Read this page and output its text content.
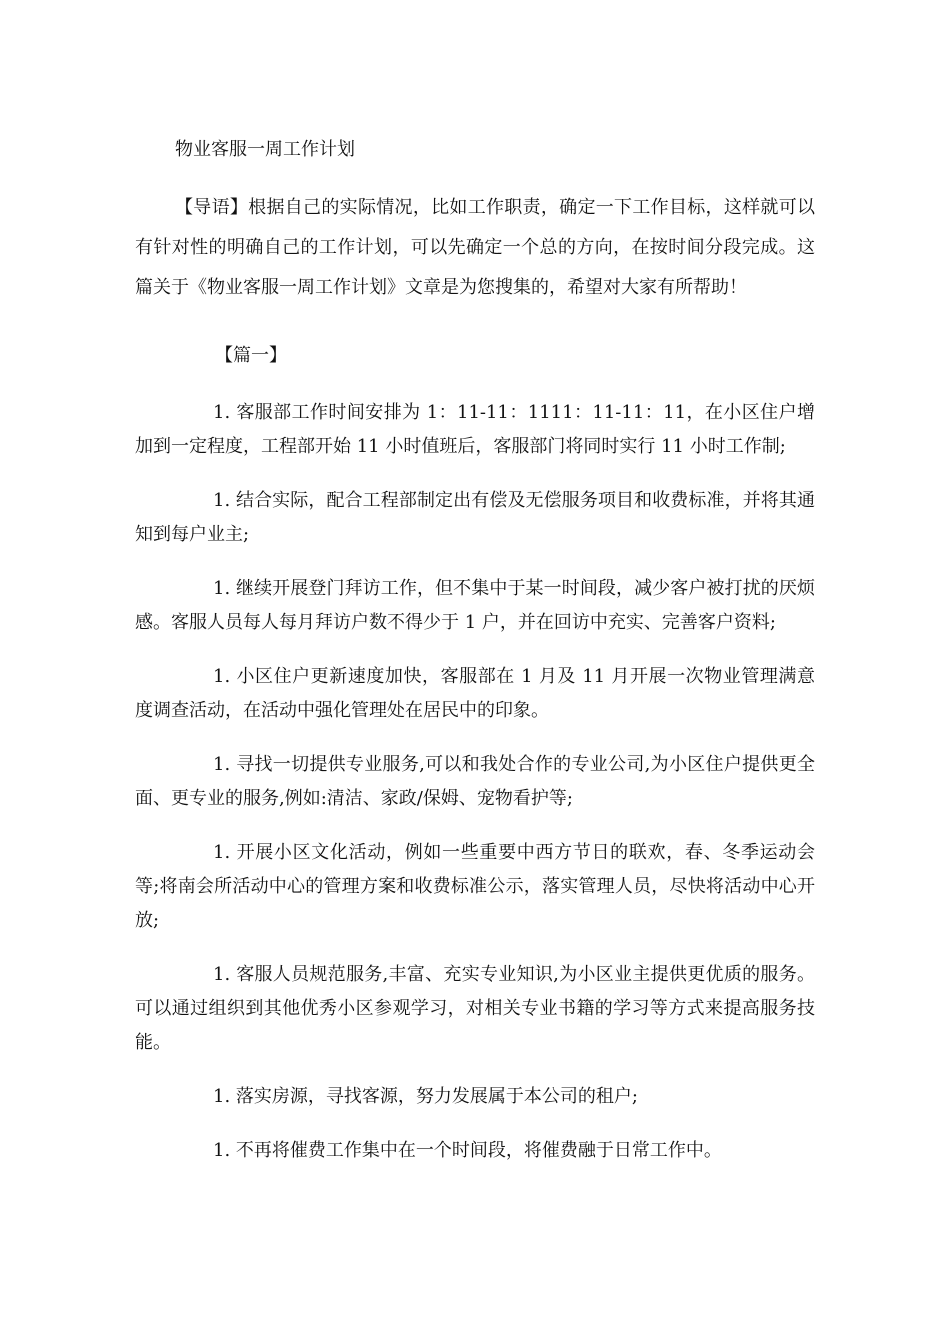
物业客服一周工作计划
【导语】根据自己的实际情况，比如工作职责，确定一下工作目标，这样就可以有针对性的明确自己的工作计划，可以先确定一个总的方向，在按时间分段完成。这篇关于《物业客服一周工作计划》文章是为您搜集的，希望对大家有所帮助！
【篇一】

1. 客服部工作时间安排为 1：11-11：1111：11-11：11，在小区住户增加到一定程度，工程部开始 11 小时值班后，客服部门将同时实行 11 小时工作制;

1. 结合实际，配合工程部制定出有偿及无偿服务项目和收费标准，并将其通知到每户业主;

1. 继续开展登门拜访工作，但不集中于某一时间段，减少客户被打扰的厌烦感。客服人员每人每月拜访户数不得少于 1 户，并在回访中充实、完善客户资料;

1. 小区住户更新速度加快，客服部在 1 月及 11 月开展一次物业管理满意度调查活动，在活动中强化管理处在居民中的印象。

1. 寻找一切提供专业服务,可以和我处合作的专业公司,为小区住户提供更全面、更专业的服务,例如:清洁、家政/保姆、宠物看护等;

1. 开展小区文化活动，例如一些重要中西方节日的联欢，春、冬季运动会等;将南会所活动中心的管理方案和收费标准公示，落实管理人员，尽快将活动中心开放;

1. 客服人员规范服务,丰富、充实专业知识,为小区业主提供更优质的服务。可以通过组织到其他优秀小区参观学习，对相关专业书籍的学习等方式来提高服务技能。

1. 落实房源，寻找客源，努力发展属于本公司的租户;

1. 不再将催费工作集中在一个时间段，将催费融于日常工作中。
